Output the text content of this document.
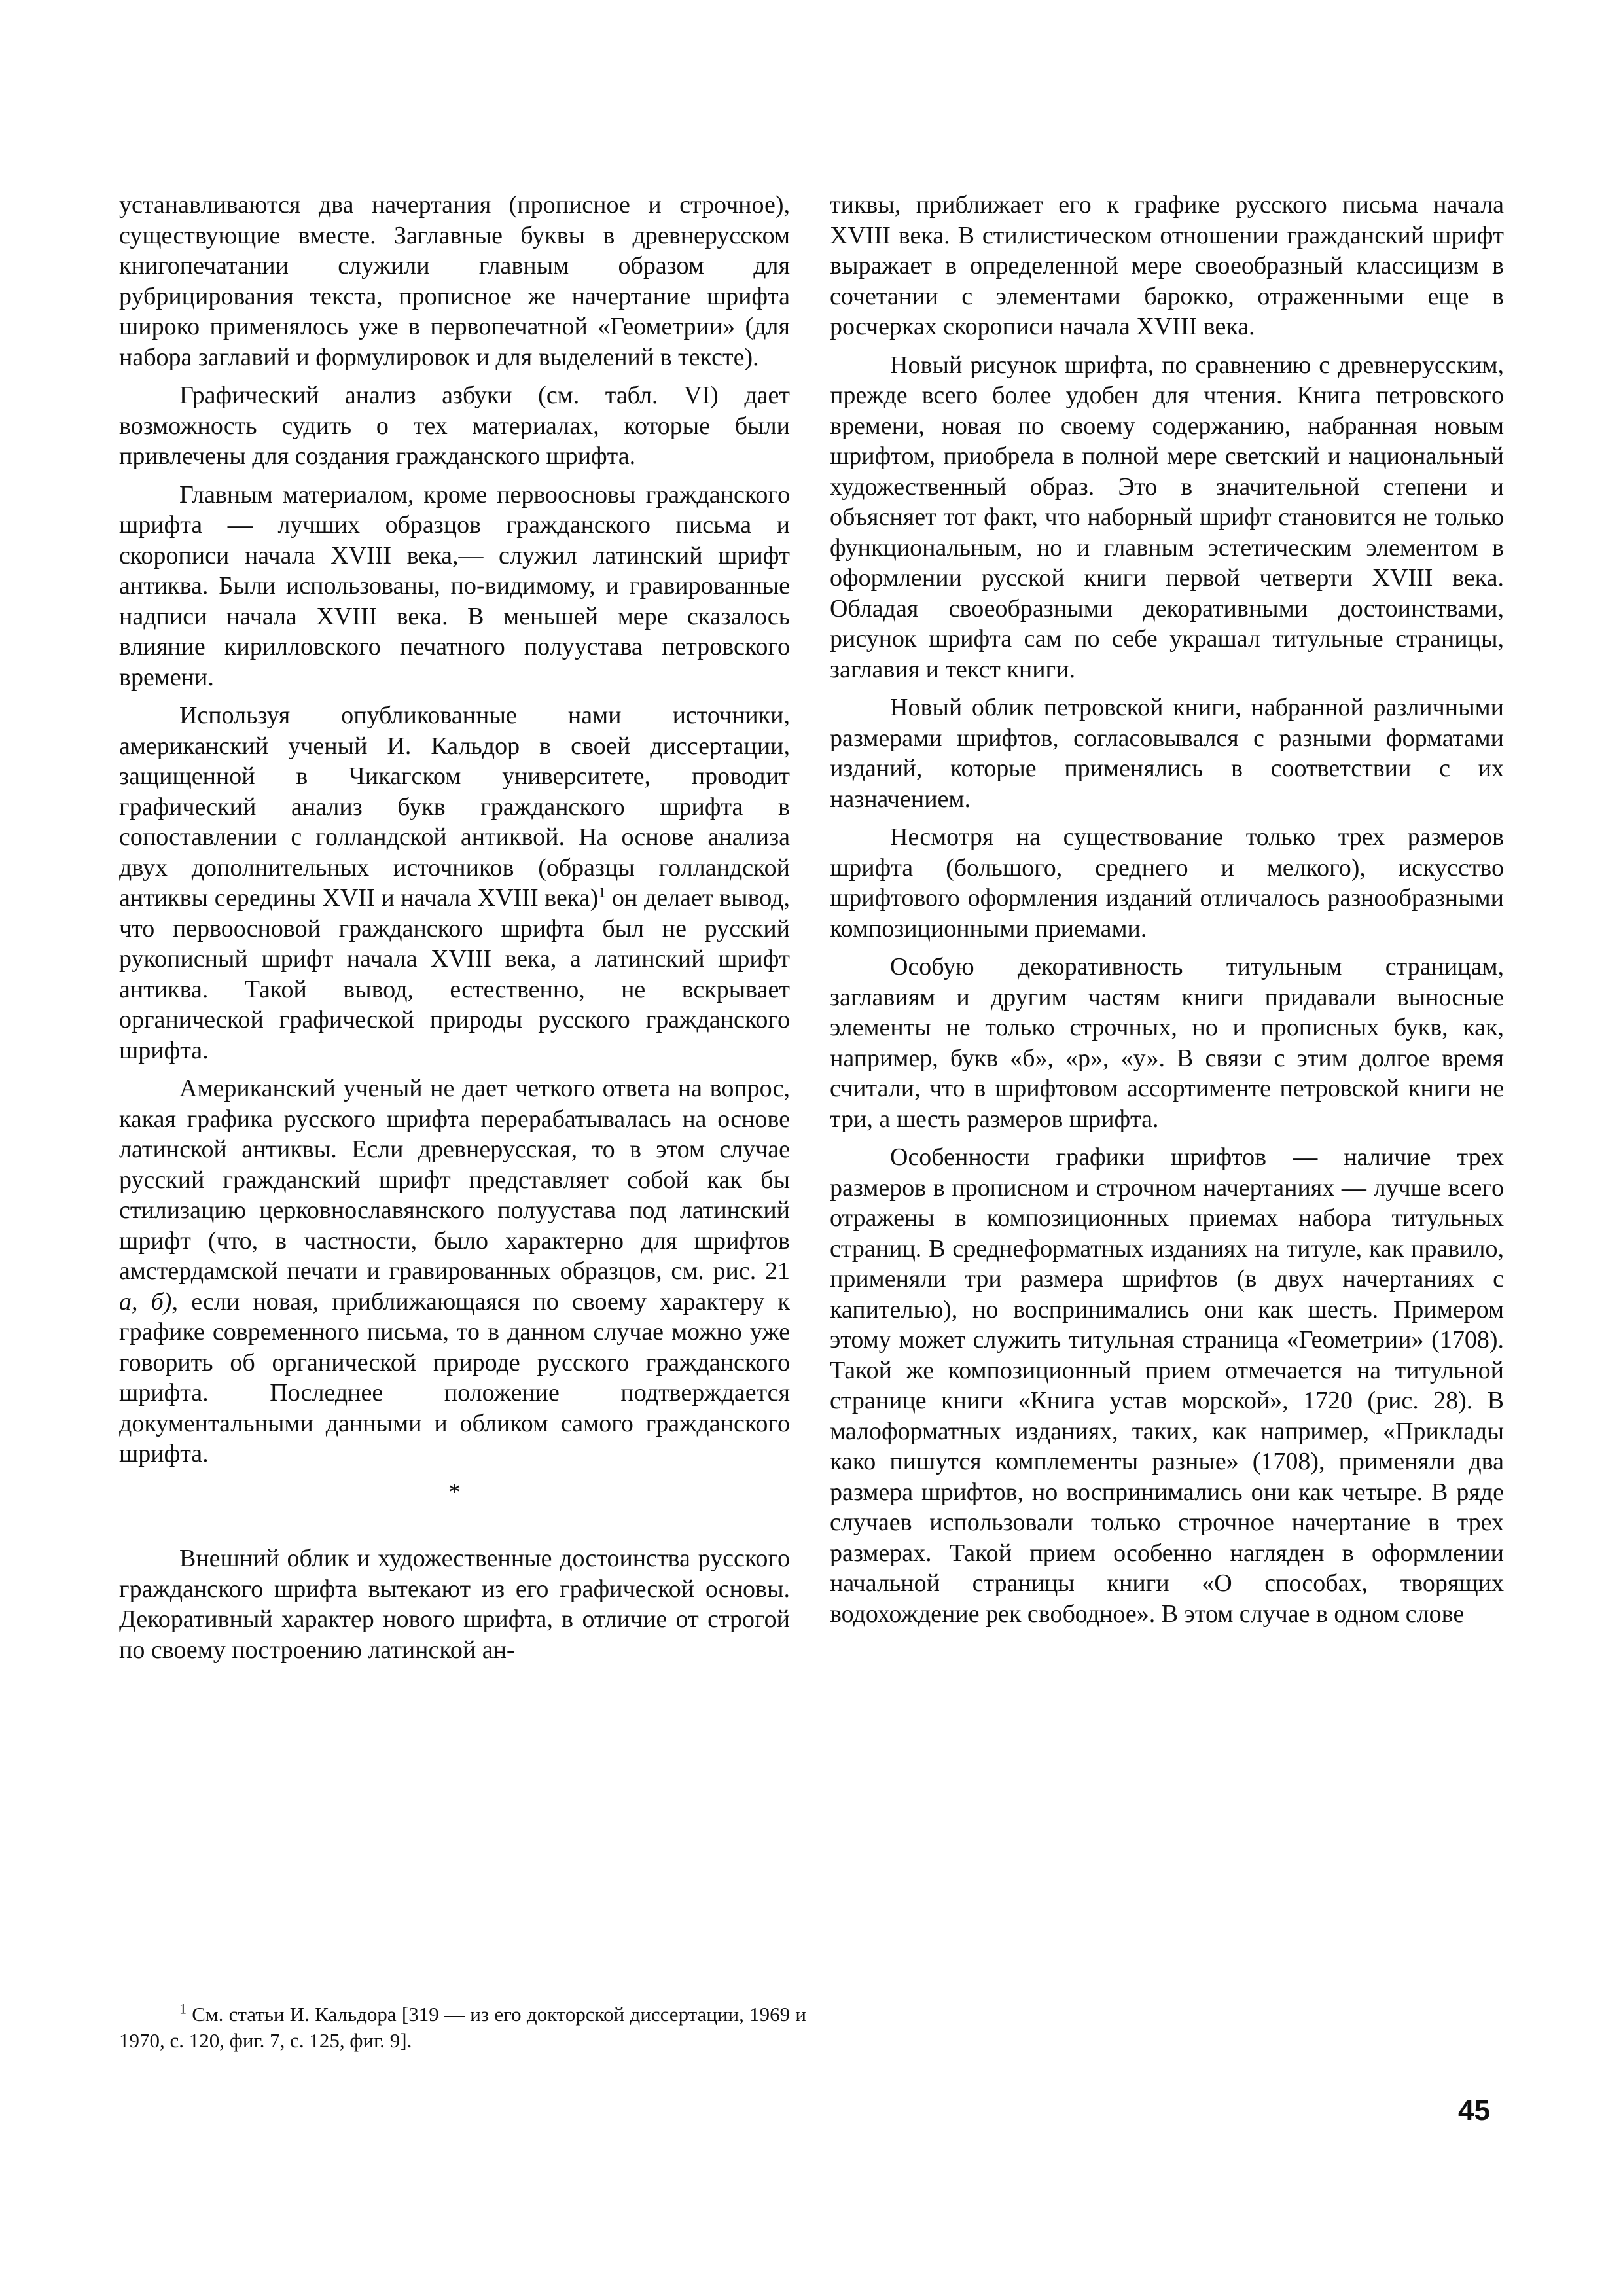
устанавливаются два начертания (прописное и строчное), существующие вместе. Заглавные буквы в древнерусском книгопечатании служили главным образом для рубрицирования текста, прописное же начертание шрифта широко применялось уже в первопечатной «Геометрии» (для набора заглавий и формулировок и для выделений в тексте).

Графический анализ азбуки (см. табл. VI) дает возможность судить о тех материалах, которые были привлечены для создания гражданского шрифта.

Главным материалом, кроме первоосновы гражданского шрифта — лучших образцов гражданского письма и скорописи начала XVIII века,— служил латинский шрифт антиква. Были использованы, по-видимому, и гравированные надписи начала XVIII века. В меньшей мере сказалось влияние кирилловского печатного полуустава петровского времени.

Используя опубликованные нами источники, американский ученый И. Кальдор в своей диссертации, защищенной в Чикагском университете, проводит графический анализ букв гражданского шрифта в сопоставлении с голландской антиквой. На основе анализа двух дополнительных источников (образцы голландской антиквы середины XVII и начала XVIII века)$^1$ он делает вывод, что первоосновой гражданского шрифта был не русский рукописный шрифт начала XVIII века, а латинский шрифт антиква. Такой вывод, естественно, не вскрывает органической графической природы русского гражданского шрифта.

Американский ученый не дает четкого ответа на вопрос, какая графика русского шрифта перерабатывалась на основе латинской антиквы. Если древнерусская, то в этом случае русский гражданский шрифт представляет собой как бы стилизацию церковнославянского полуустава под латинский шрифт (что, в частности, было характерно для шрифтов амстердамской печати и гравированных образцов, см. рис. 21 а, б), если новая, приближающаяся по своему характеру к графике современного письма, то в данном случае можно уже говорить об органической природе русского гражданского шрифта. Последнее положение подтверждается документальными данными и обликом самого гражданского шрифта.

*

Внешний облик и художественные достоинства русского гражданского шрифта вытекают из его графической основы. Декоративный характер нового шрифта, в отличие от строгой по своему построению латинской ан-

тиквы, приближает его к графике русского письма начала XVIII века. В стилистическом отношении гражданский шрифт выражает в определенной мере своеобразный классицизм в сочетании с элементами барокко, отраженными еще в росчерках скорописи начала XVIII века.

Новый рисунок шрифта, по сравнению с древнерусским, прежде всего более удобен для чтения. Книга петровского времени, новая по своему содержанию, набранная новым шрифтом, приобрела в полной мере светский и национальный художественный образ. Это в значительной степени и объясняет тот факт, что наборный шрифт становится не только функциональным, но и главным эстетическим элементом в оформлении русской книги первой четверти XVIII века. Обладая своеобразными декоративными достоинствами, рисунок шрифта сам по себе украшал титульные страницы, заглавия и текст книги.

Новый облик петровской книги, набранной различными размерами шрифтов, согласовывался с разными форматами изданий, которые применялись в соответствии с их назначением.

Несмотря на существование только трех размеров шрифта (большого, среднего и мелкого), искусство шрифтового оформления изданий отличалось разнообразными композиционными приемами.

Особую декоративность титульным страницам, заглавиям и другим частям книги придавали выносные элементы не только строчных, но и прописных букв, как, например, букв «б», «р», «у». В связи с этим долгое время считали, что в шрифтовом ассортименте петровской книги не три, а шесть размеров шрифта.

Особенности графики шрифтов — наличие трех размеров в прописном и строчном начертаниях — лучше всего отражены в композиционных приемах набора титульных страниц. В среднеформатных изданиях на титуле, как правило, применяли три размера шрифтов (в двух начертаниях с капителью), но воспринимались они как шесть. Примером этому может служить титульная страница «Геометрии» (1708). Такой же композиционный прием отмечается на титульной странице книги «Книга устав морской», 1720 (рис. 28). В малоформатных изданиях, таких, как например, «Приклады како пишутся комплементы разные» (1708), применяли два размера шрифтов, но воспринимались они как четыре. В ряде случаев использовали только строчное начертание в трех размерах. Такой прием особенно нагляден в оформлении начальной страницы книги «О способах, творящих водохождение рек свободное». В этом случае в одном слове

$^1$ См. статьи И. Кальдора [319 — из его докторской диссертации, 1969 и 1970, с. 120, фиг. 7, с. 125, фиг. 9].

45
